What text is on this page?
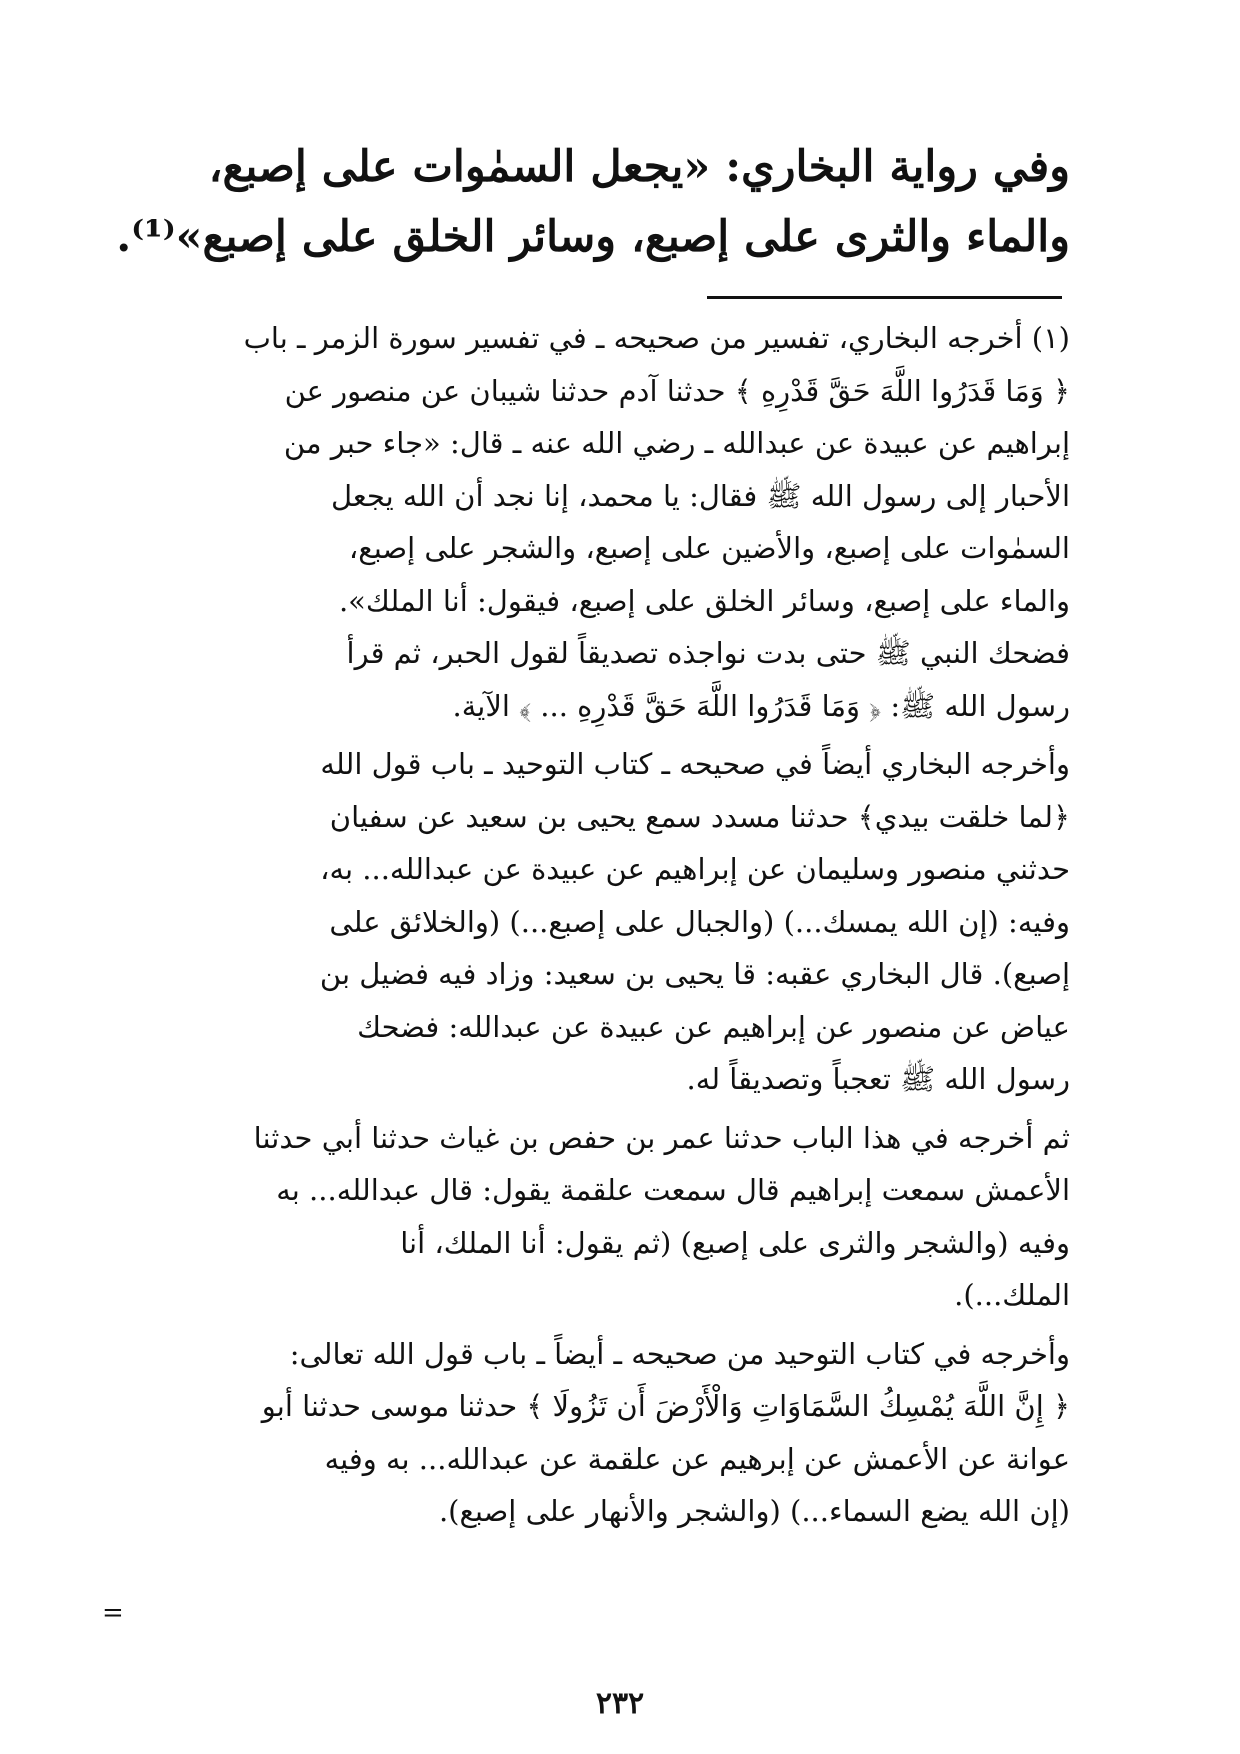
وفي رواية البخاري: «يجعل السمٰوات على إصبع،
والماء والثرى على إصبع، وسائر الخلق على إصبع»⁽¹⁾.
(١) أخرجه البخاري، تفسير من صحيحه ـ في تفسير سورة الزمر ـ باب
﴿ وَمَا قَدَرُوا اللَّهَ حَقَّ قَدْرِهِ ﴾ حدثنا آدم حدثنا شيبان عن منصور عن
إبراهيم عن عبيدة عن عبدالله ـ رضي الله عنه ـ قال: «جاء حبر من
الأحبار إلى رسول الله ﷺ فقال: يا محمد، إنا نجد أن الله يجعل
السمٰوات على إصبع، والأضين على إصبع، والشجر على إصبع،
والماء على إصبع، وسائر الخلق على إصبع، فيقول: أنا الملك».
فضحك النبي ﷺ حتى بدت نواجذه تصديقاً لقول الحبر، ثم قرأ
رسول الله ﷺ: ﴿ وَمَا قَدَرُوا اللَّهَ حَقَّ قَدْرِهِ ... ﴾ الآية.
وأخرجه البخاري أيضاً في صحيحه ـ كتاب التوحيد ـ باب قول الله
﴿لما خلقت بيدي﴾ حدثنا مسدد سمع يحيى بن سعيد عن سفيان
حدثني منصور وسليمان عن إبراهيم عن عبيدة عن عبدالله... به،
وفيه: (إن الله يمسك...) (والجبال على إصبع...) (والخلائق على
إصبع). قال البخاري عقبه: قا يحيى بن سعيد: وزاد فيه فضيل بن
عياض عن منصور عن إبراهيم عن عبيدة عن عبدالله: فضحك
رسول الله ﷺ تعجباً وتصديقاً له.
ثم أخرجه في هذا الباب حدثنا عمر بن حفص بن غياث حدثنا أبي حدثنا
الأعمش سمعت إبراهيم قال سمعت علقمة يقول: قال عبدالله... به
وفيه (والشجر والثرى على إصبع) (ثم يقول: أنا الملك، أنا
الملك...).
وأخرجه في كتاب التوحيد من صحيحه ـ أيضاً ـ باب قول الله تعالى:
﴿ إِنَّ اللَّهَ يُمْسِكُ السَّمَاوَاتِ وَالْأَرْضَ أَن تَزُولَا ﴾ حدثنا موسى حدثنا أبو
عوانة عن الأعمش عن إبرهيم عن علقمة عن عبدالله... به وفيه
(إن الله يضع السماء...) (والشجر والأنهار على إصبع).
=
٢٣٢
